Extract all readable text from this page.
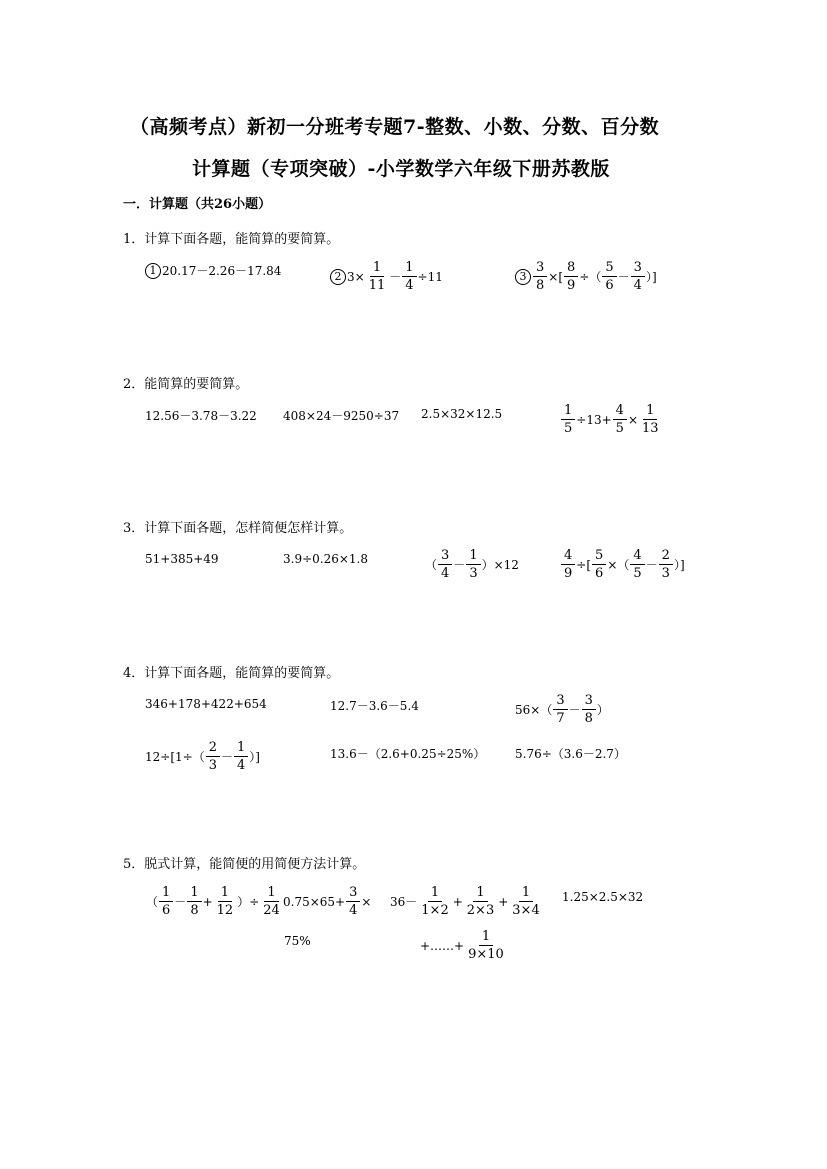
（高频考点）新初一分班考专题7-整数、小数、分数、百分数
计算题（专项突破）-小学数学六年级下册苏教版
一．计算题（共26小题）
1．计算下面各题，能简算的要简算。
1 20.17－2.26－17.84	2 $3\times \frac{1}{11} - \frac{1}{4} \div 11$	$3 \frac{3}{8}$ ×[ $\frac{8}{9}$ ÷（ $\frac{5}{6} - \frac{3}{4}$ ）]
2．能简算的要简算。
12.56－3.78－3.22 408×24－9250÷37 2.5×32×12.5	$\frac{1}{5} \div 13+ \frac{4}{5} \times \frac{1}{13}$
3．计算下面各题，怎样简便怎样计算。
51+385+49	3.9÷0.26×1.8	（ $\frac{3}{4} - \frac{1}{3} )\times 12$	$\frac{4}{9}$ ÷[ $\frac{5}{6}$ ×（ $\frac{4}{5} - \frac{2}{3}$ ）]
4．计算下面各题，能简算的要简算。
346+178+422+654	12.7－3.6－5.4	$56\times( \frac{3}{7} - \frac{3}{8}$ ）
$12\div[1\div( \frac{2}{3} - \frac{1}{4}$ ）]	13.6－（2.6+0.25÷25%） 5.76÷（3.6－2.7）
5．脱式计算，能简便的用简便方法计算。
（ $\frac{1}{6} - \frac{1}{8} + \frac{1}{12}$ ）÷ $\frac{1}{24} 0.75\times 65+ \frac{3}{4}$ ×
75%
$36- \frac{1}{1\times 2} + \frac{1}{2\times 3} + \frac{1}{3\times 4}$
+……+ $\frac{1}{9\times 10}$
1.25×2.5×32
